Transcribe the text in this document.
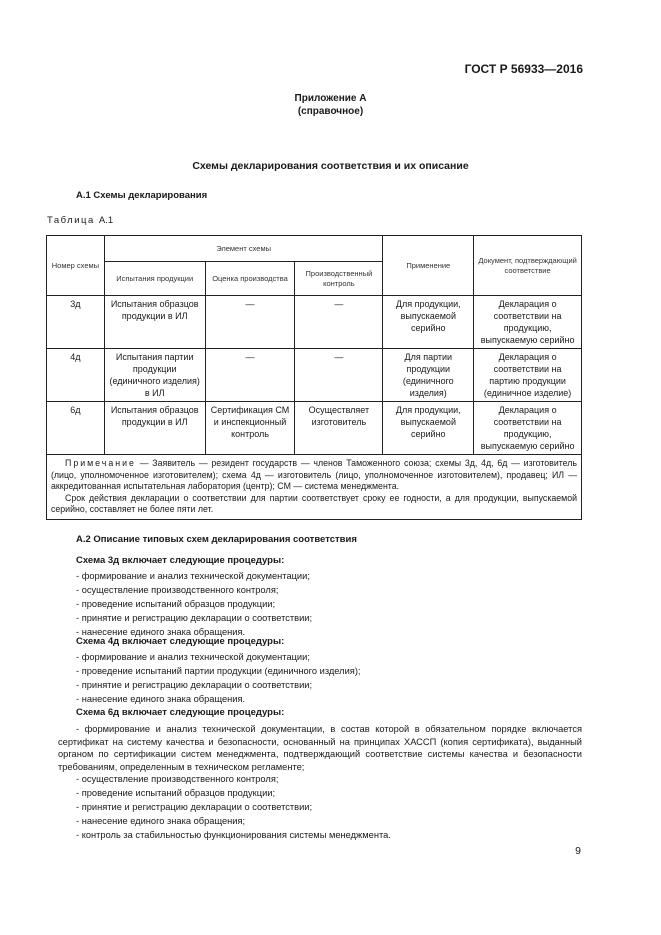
ГОСТ Р 56933—2016
Приложение А
(справочное)
Схемы декларирования соответствия и их описание
А.1 Схемы декларирования
Таблица А.1
Номер схемы	Элемент схемы			Применение	Документ, подтверждающий соответствие
	Испытания продукции	Оценка производства	Производственный контроль		
3д	Испытания образцов продукции в ИЛ	—	—	Для продукции, выпускаемой серийно	Декларация о соответствии на продукцию, выпускаемую серийно
4д	Испытания партии продукции (единичного изделия) в ИЛ	—	—	Для партии продукции (единичного изделия)	Декларация о соответствии на партию продукции (единичное изделие)
6д	Испытания образцов продукции в ИЛ	Сертификация СМ и инспекционный контроль	Осуществляет изготовитель	Для продукции, выпускаемой серийно	Декларация о соответствии на продукцию, выпускаемую серийно

Примечание — Заявитель — резидент государств — членов Таможенного союза; схемы 3д, 4д, 6д — изготовитель (лицо, уполномоченное изготовителем); схема 4д — изготовитель (лицо, уполномоченное изготовителем), продавец; ИЛ — аккредитованная испытательная лаборатория (центр); СМ — система менеджмента.
Срок действия декларации о соответствии для партии соответствует сроку ее годности, а для продукции, выпускаемой серийно, составляет не более пяти лет.					
А.2 Описание типовых схем декларирования соответствия
Схема 3д включает следующие процедуры:
- формирование и анализ технической документации;
- осуществление производственного контроля;
- проведение испытаний образцов продукции;
- принятие и регистрацию декларации о соответствии;
- нанесение единого знака обращения.
Схема 4д включает следующие процедуры:
- формирование и анализ технической документации;
- проведение испытаний партии продукции (единичного изделия);
- принятие и регистрацию декларации о соответствии;
- нанесение единого знака обращения.
Схема 6д включает следующие процедуры:
- формирование и анализ технической документации, в состав которой в обязательном порядке включается сертификат на систему качества и безопасности, основанный на принципах ХАССП (копия сертификата), выданный органом по сертификации систем менеджмента, подтверждающий соответствие системы качества и безопасности требованиям, определенным в техническом регламенте;
- осуществление производственного контроля;
- проведение испытаний образцов продукции;
- принятие и регистрацию декларации о соответствии;
- нанесение единого знака обращения;
- контроль за стабильностью функционирования системы менеджмента.
9
